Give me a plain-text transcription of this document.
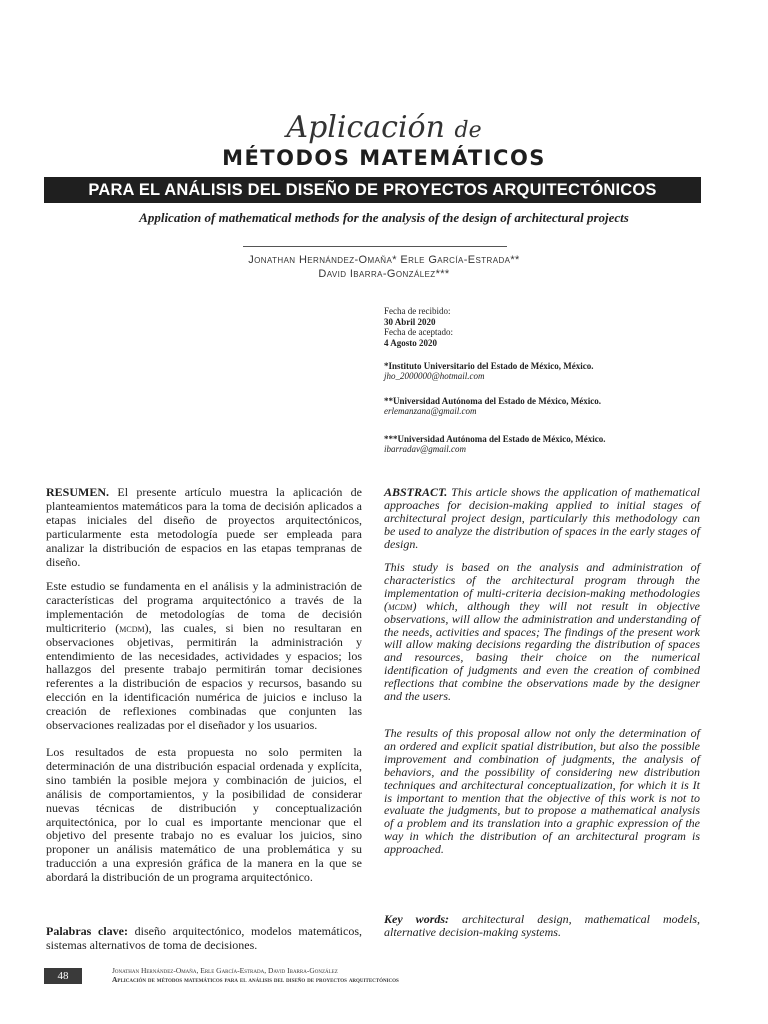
Aplicación de
MÉTODOS MATEMÁTICOS
PARA EL ANÁLISIS DEL DISEÑO DE PROYECTOS ARQUITECTÓNICOS
Application of mathematical methods for the analysis of the design of architectural projects
Jonathan Hernández-Omaña* Erle García-Estrada**
David Ibarra-González***
Fecha de recibido:
30 Abril 2020
Fecha de aceptado:
4 Agosto 2020
*Instituto Universitario del Estado de México, México.
jho_2000000@hotmail.com
**Universidad Autónoma del Estado de México, México.
erlemanzana@gmail.com
***Universidad Autónoma del Estado de México, México.
ibarradav@gmail.com

RESUMEN. El presente artículo muestra la aplicación de planteamientos matemáticos para la toma de decisión aplicados a etapas iniciales del diseño de proyectos arquitectónicos, particularmente esta metodología puede ser empleada para analizar la distribución de espacios en las etapas tempranas de diseño.

Este estudio se fundamenta en el análisis y la administración de características del programa arquitectónico a través de la implementación de metodologías de toma de decisión multicriterio (mcdm), las cuales, si bien no resultaran en observaciones objetivas, permitirán la administración y entendimiento de las necesidades, actividades y espacios; los hallazgos del presente trabajo permitirán tomar decisiones referentes a la distribución de espacios y recursos, basando su elección en la identificación numérica de juicios e incluso la creación de reflexiones combinadas que conjunten las observaciones realizadas por el diseñador y los usuarios.

Los resultados de esta propuesta no solo permiten la determinación de una distribución espacial ordenada y explícita, sino también la posible mejora y combinación de juicios, el análisis de comportamientos, y la posibilidad de considerar nuevas técnicas de distribución y conceptualización arquitectónica, por lo cual es importante mencionar que el objetivo del presente trabajo no es evaluar los juicios, sino proponer un análisis matemático de una problemática y su traducción a una expresión gráfica de la manera en la que se abordará la distribución de un programa arquitectónico.

Palabras clave: diseño arquitectónico, modelos matemáticos, sistemas alternativos de toma de decisiones.

ABSTRACT. This article shows the application of mathematical approaches for decision-making applied to initial stages of architectural project design, particularly this methodology can be used to analyze the distribution of spaces in the early stages of design.

This study is based on the analysis and administration of characteristics of the architectural program through the implementation of multi-criteria decision-making methodologies (mcdm) which, although they will not result in objective observations, will allow the administration and understanding of the needs, activities and spaces; The findings of the present work will allow making decisions regarding the distribution of spaces and resources, basing their choice on the numerical identification of judgments and even the creation of combined reflections that combine the observations made by the designer and the users.

The results of this proposal allow not only the determination of an ordered and explicit spatial distribution, but also the possible improvement and combination of judgments, the analysis of behaviors, and the possibility of considering new distribution techniques and architectural conceptualization, for which it is It is important to mention that the objective of this work is not to evaluate the judgments, but to propose a mathematical analysis of a problem and its translation into a graphic expression of the way in which the distribution of an architectural program is approached.

Key words: architectural design, mathematical models, alternative decision-making systems.

48	Jonathan Hernández-Omaña, Erle García-Estrada, David Ibarra-González
Aplicación de métodos matemáticos para el análisis del diseño de proyectos arquitectónicos
